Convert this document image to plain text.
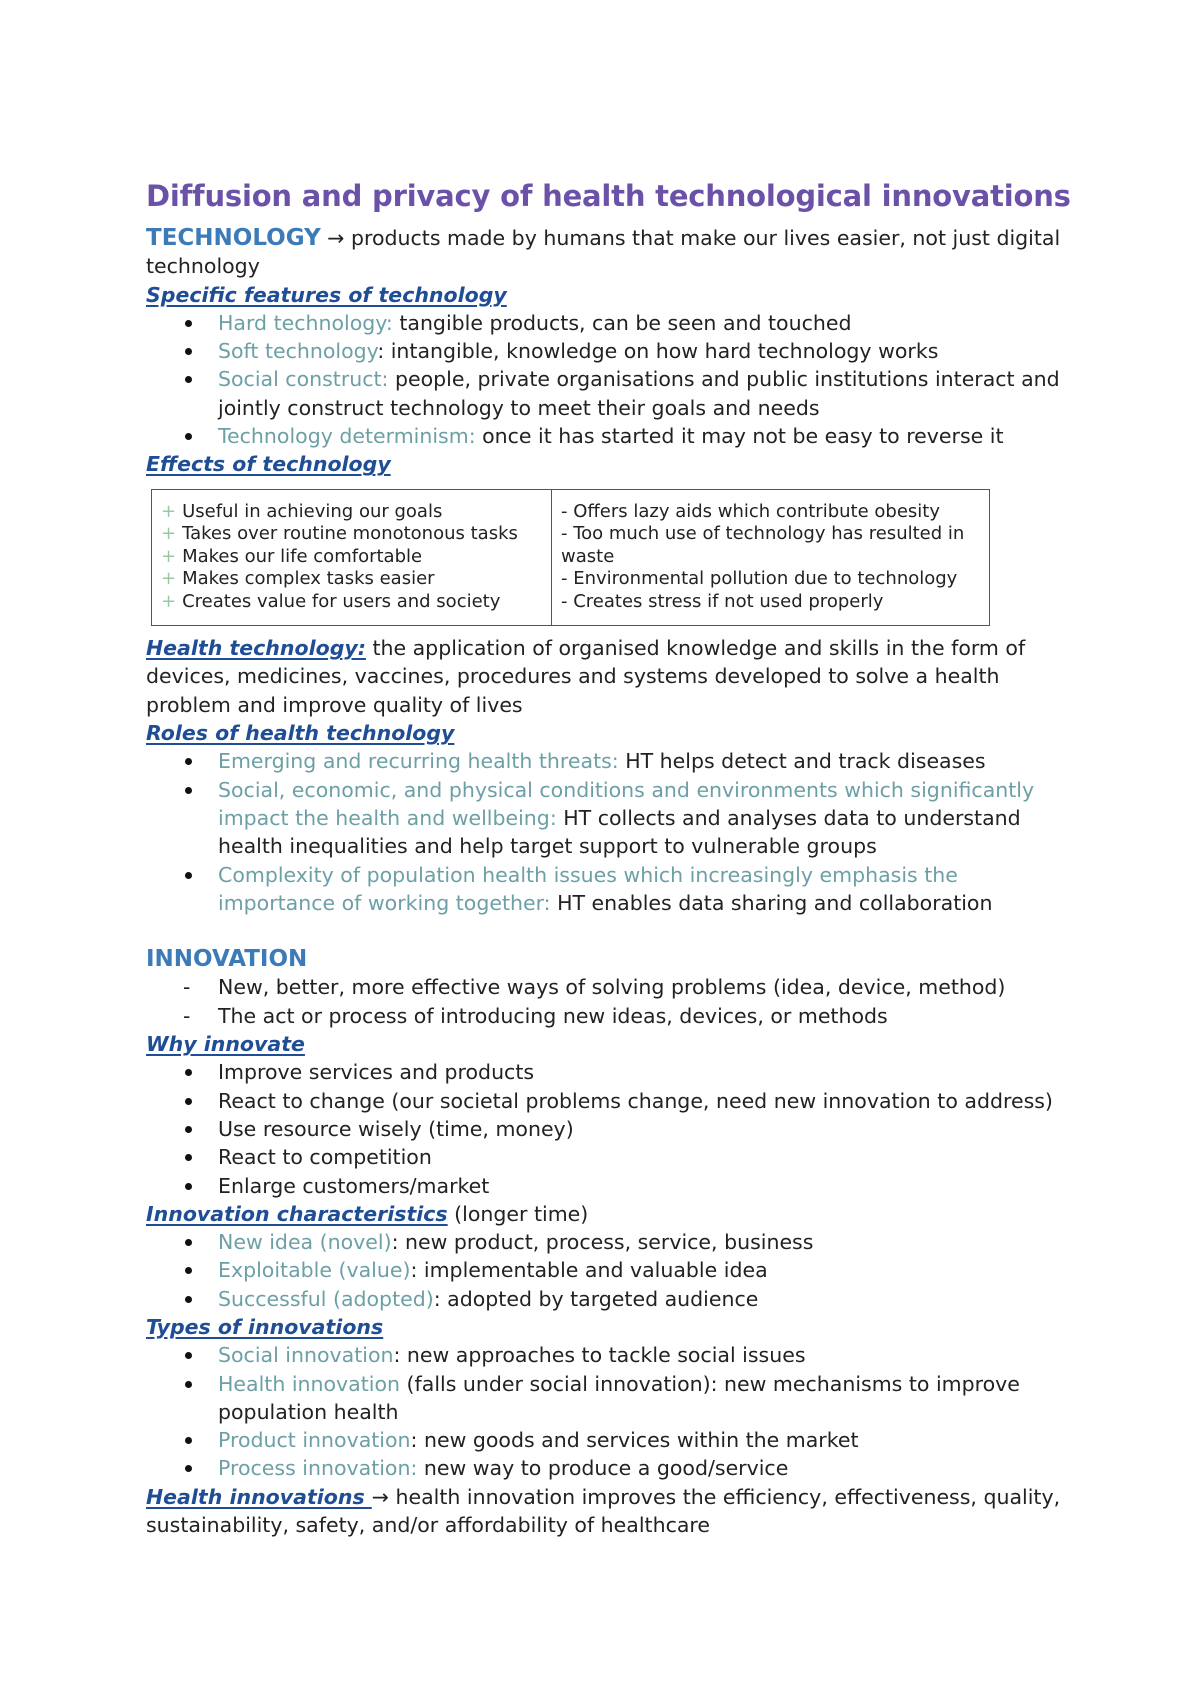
Diffusion and privacy of health technological innovations

TECHNOLOGY → products made by humans that make our lives easier, not just digital technology

Specific features of technology

Hard technology: tangible products, can be seen and touched
Soft technology: intangible, knowledge on how hard technology works
Social construct: people, private organisations and public institutions interact and jointly construct technology to meet their goals and needs
Technology determinism: once it has started it may not be easy to reverse it

Effects of technology

+ Useful in achieving our goals
+ Takes over routine monotonous tasks
+ Makes our life comfortable
+ Makes complex tasks easier
+ Creates value for users and society

- Offers lazy aids which contribute obesity
- Too much use of technology has resulted in waste
- Environmental pollution due to technology
- Creates stress if not used properly

Health technology: the application of organised knowledge and skills in the form of devices, medicines, vaccines, procedures and systems developed to solve a health problem and improve quality of lives

Roles of health technology

Emerging and recurring health threats: HT helps detect and track diseases
Social, economic, and physical conditions and environments which significantly impact the health and wellbeing: HT collects and analyses data to understand health inequalities and help target support to vulnerable groups
Complexity of population health issues which increasingly emphasis the importance of working together: HT enables data sharing and collaboration

INNOVATION

- New, better, more effective ways of solving problems (idea, device, method)
- The act or process of introducing new ideas, devices, or methods

Why innovate

Improve services and products
React to change (our societal problems change, need new innovation to address)
Use resource wisely (time, money)
React to competition
Enlarge customers/market

Innovation characteristics (longer time)

New idea (novel): new product, process, service, business
Exploitable (value): implementable and valuable idea
Successful (adopted): adopted by targeted audience

Types of innovations

Social innovation: new approaches to tackle social issues
Health innovation (falls under social innovation): new mechanisms to improve population health
Product innovation: new goods and services within the market
Process innovation: new way to produce a good/service

Health innovations → health innovation improves the efficiency, effectiveness, quality, sustainability, safety, and/or affordability of healthcare
